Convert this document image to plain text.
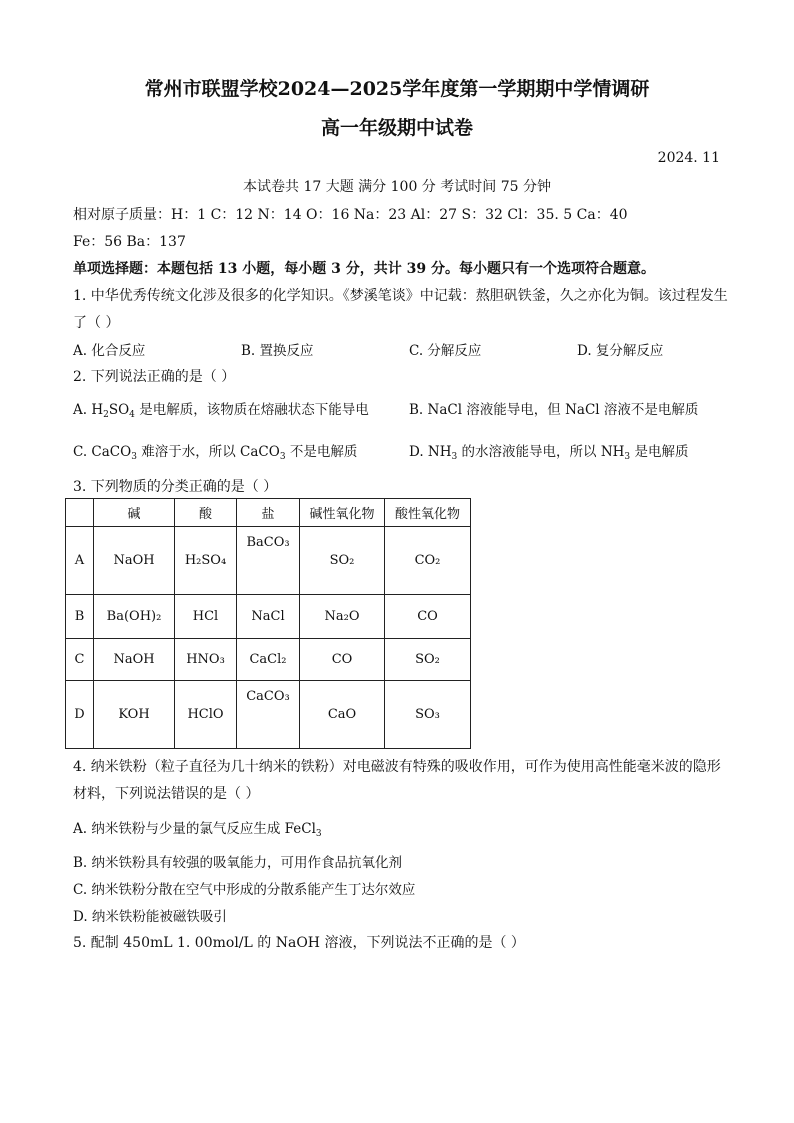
常州市联盟学校2024—2025学年度第一学期期中学情调研
高一年级期中试卷
2024. 11
本试卷共 17 大题 满分 100 分 考试时间 75 分钟
相对原子质量：H：1 C：12 N：14 O：16 Na：23 Al：27 S：32 Cl：35. 5 Ca：40
Fe：56 Ba：137
单项选择题：本题包括 13 小题，每小题 3 分，共计 39 分。每小题只有一个选项符合题意。
1. 中华优秀传统文化涉及很多的化学知识。《梦溪笔谈》中记载：熬胆矾铁釜，久之亦化为铜。该过程发生
了（ ）
A. 化合反应	B. 置换反应	C. 分解反应	D. 复分解反应
2. 下列说法正确的是（ ）
A. $H_2SO_4$ 是电解质，该物质在熔融状态下能导电	B. NaCl 溶液能导电，但 NaCl 溶液不是电解质
C. CaCO$_3$ 难溶于水，所以 CaCO$_3$ 不是电解质	D. $NH_3$ 的水溶液能导电，所以 $NH_3$ 是电解质
3. 下列物质的分类正确的是（ ）
	碱	酸	盐	碱性氧化物	酸性氧化物
A	NaOH	H₂SO₄	BaCO₃	SO₂	CO₂
B	Ba(OH)₂	HCl	NaCl	Na₂O	CO
C	NaOH	HNO₃	CaCl₂	CO	SO₂
D	KOH	HClO	CaCO₃	CaO	SO₃
4. 纳米铁粉（粒子直径为几十纳米的铁粉）对电磁波有特殊的吸收作用，可作为使用高性能毫米波的隐形
材料，下列说法错误的是（ ）
A. 纳米铁粉与少量的氯气反应生成 FeCl$_3$
B. 纳米铁粉具有较强的吸氧能力，可用作食品抗氧化剂
C. 纳米铁粉分散在空气中形成的分散系能产生丁达尔效应
D. 纳米铁粉能被磁铁吸引
5. 配制 450mL 1. 00mol/L 的 NaOH 溶液，下列说法不正确的是（ ）
